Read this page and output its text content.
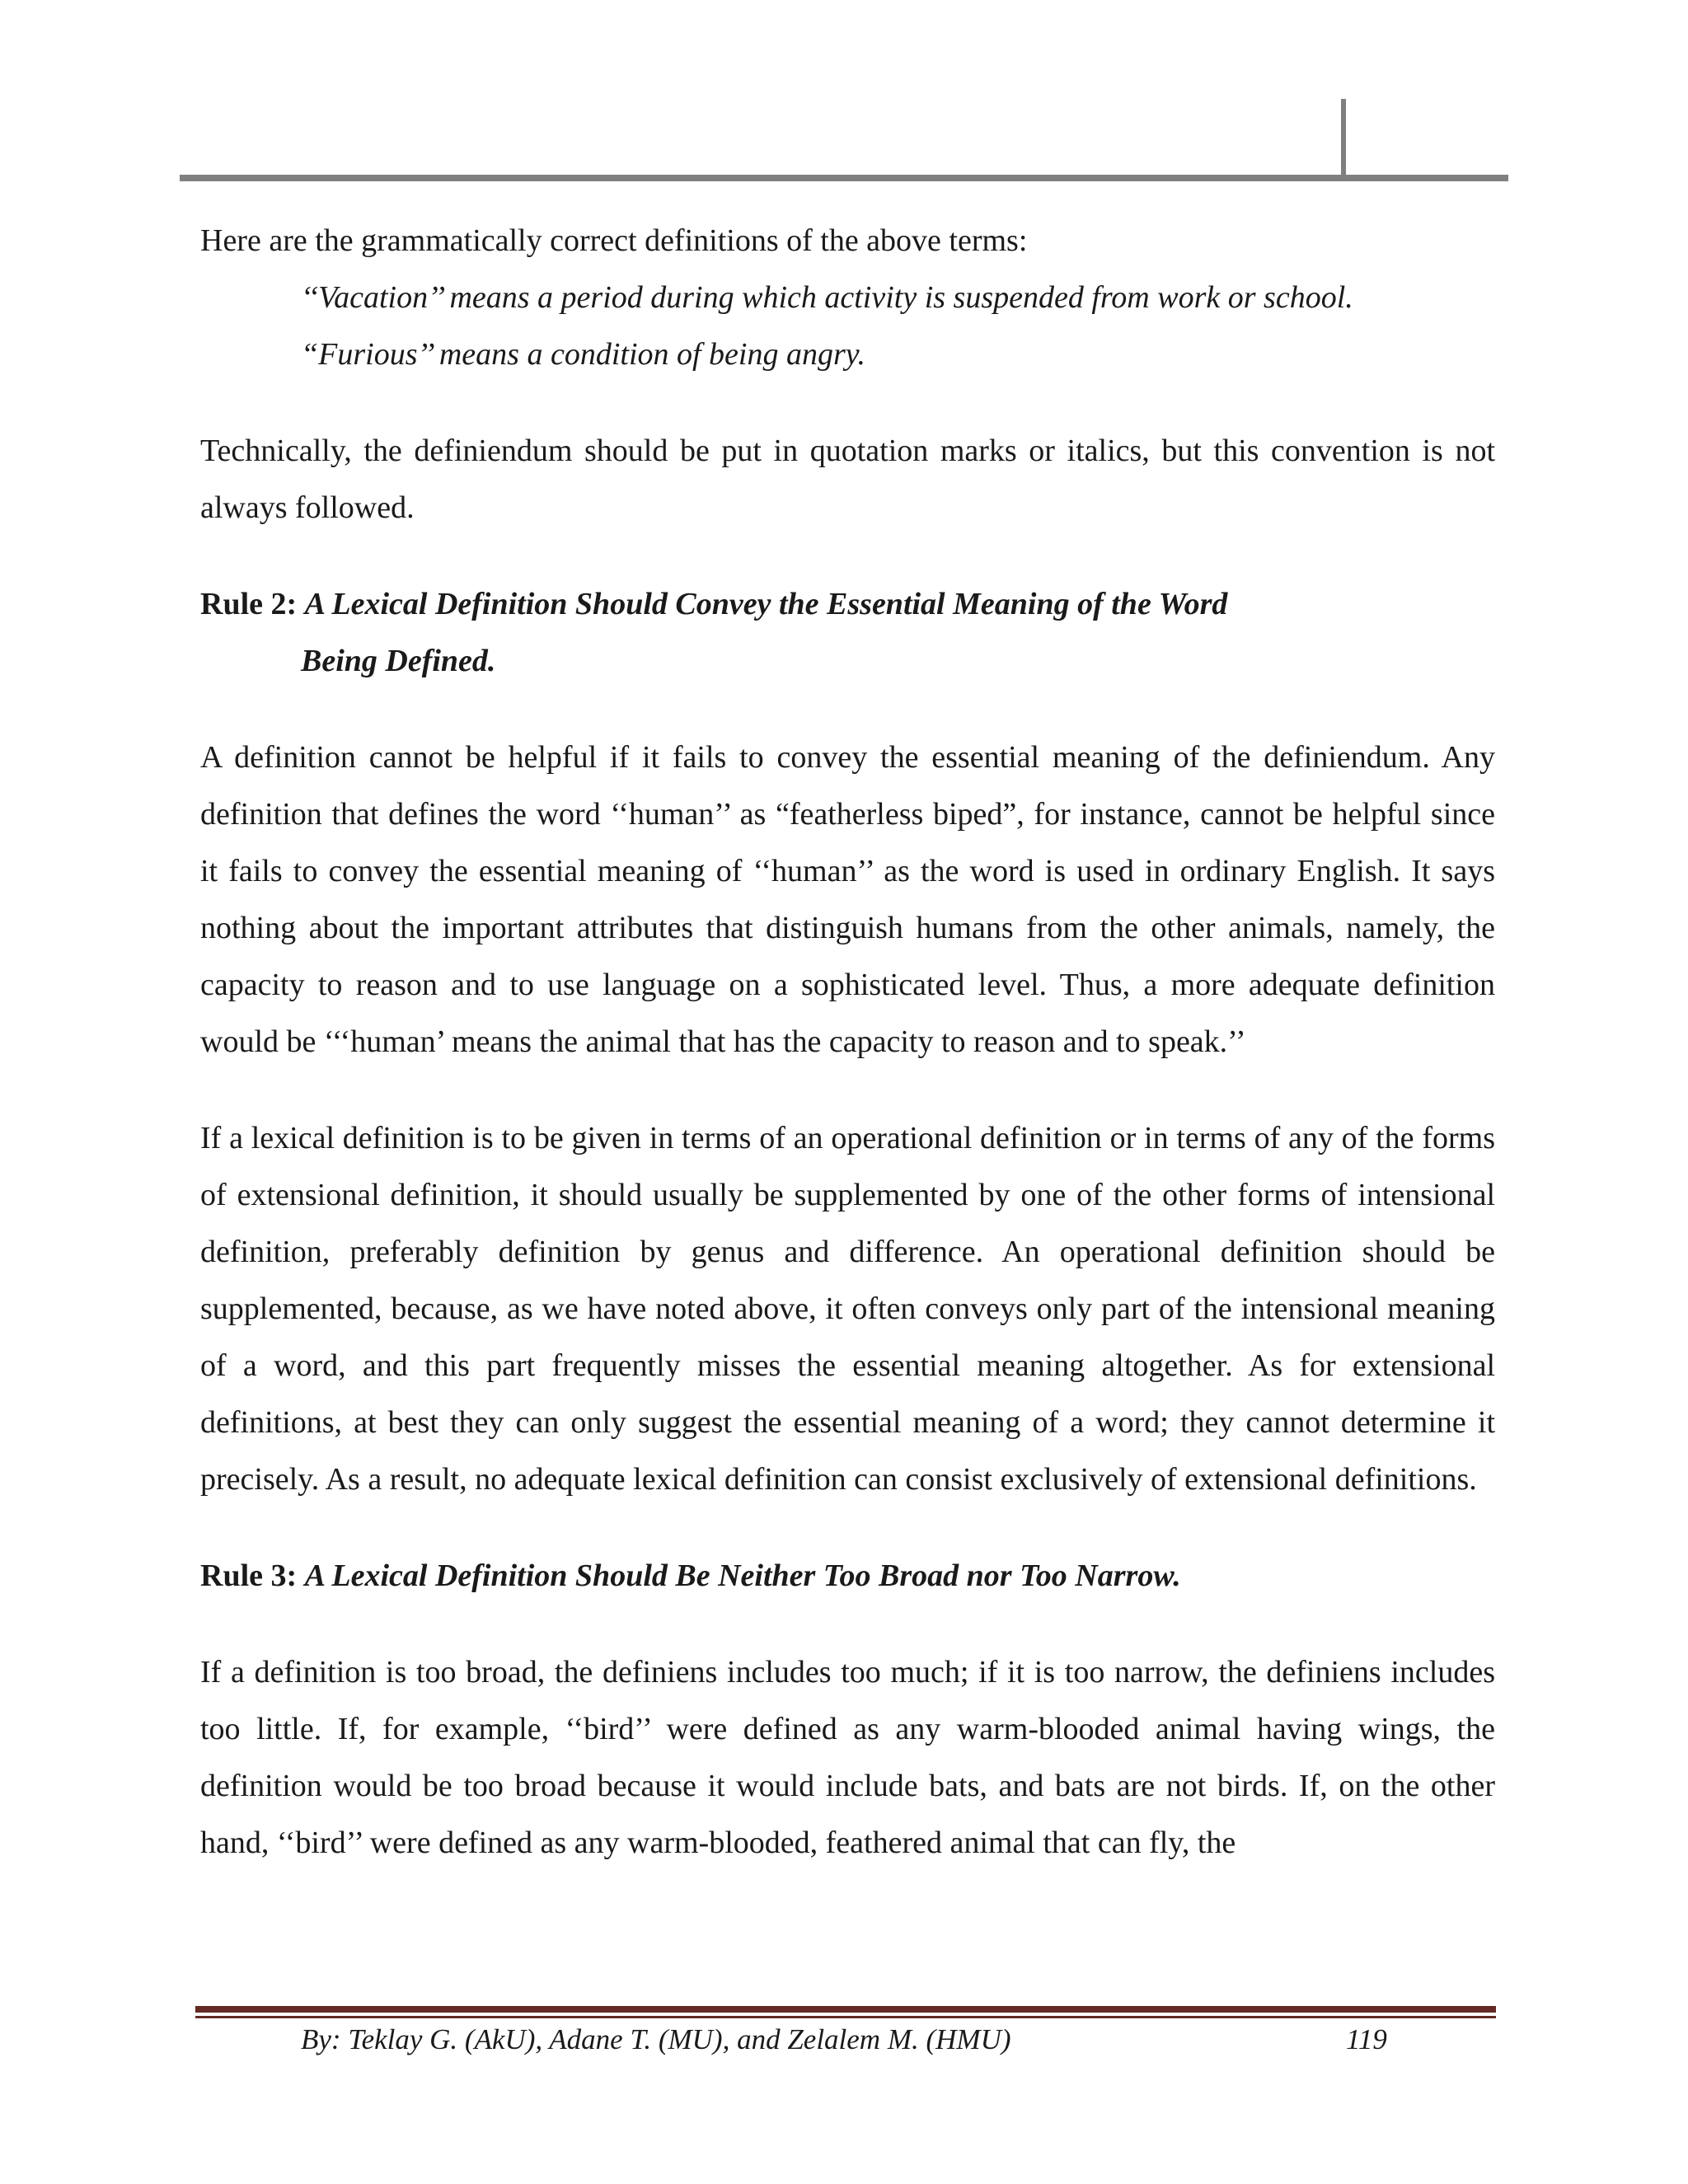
Here are the grammatically correct definitions of the above terms:

‘‘Vacation’’ means a period during which activity is suspended from work or school.

“Furious’’ means a condition of being angry.

Technically, the definiendum should be put in quotation marks or italics, but this convention is not always followed.

Rule 2: A Lexical Definition Should Convey the Essential Meaning of the Word
Being Defined.

A definition cannot be helpful if it fails to convey the essential meaning of the definiendum. Any definition that defines the word ‘‘human’’ as “featherless biped”, for instance, cannot be helpful since it fails to convey the essential meaning of ‘‘human’’ as the word is used in ordinary English. It says nothing about the important attributes that distinguish humans from the other animals, namely, the capacity to reason and to use language on a sophisticated level. Thus, a more adequate definition would be ‘‘‘human’ means the animal that has the capacity to reason and to speak.’’

If a lexical definition is to be given in terms of an operational definition or in terms of any of the forms of extensional definition, it should usually be supplemented by one of the other forms of intensional definition, preferably definition by genus and difference. An operational definition should be supplemented, because, as we have noted above, it often conveys only part of the intensional meaning of a word, and this part frequently misses the essential meaning altogether. As for extensional definitions, at best they can only suggest the essential meaning of a word; they cannot determine it precisely. As a result, no adequate lexical definition can consist exclusively of extensional definitions.

Rule 3: A Lexical Definition Should Be Neither Too Broad nor Too Narrow.

If a definition is too broad, the definiens includes too much; if it is too narrow, the definiens includes too little. If, for example, ‘‘bird’’ were defined as any warm-blooded animal having wings, the definition would be too broad because it would include bats, and bats are not birds. If, on the other hand, ‘‘bird’’ were defined as any warm-blooded, feathered animal that can fly, the

By: Teklay G. (AkU), Adane T. (MU), and Zelalem M. (HMU)	119
